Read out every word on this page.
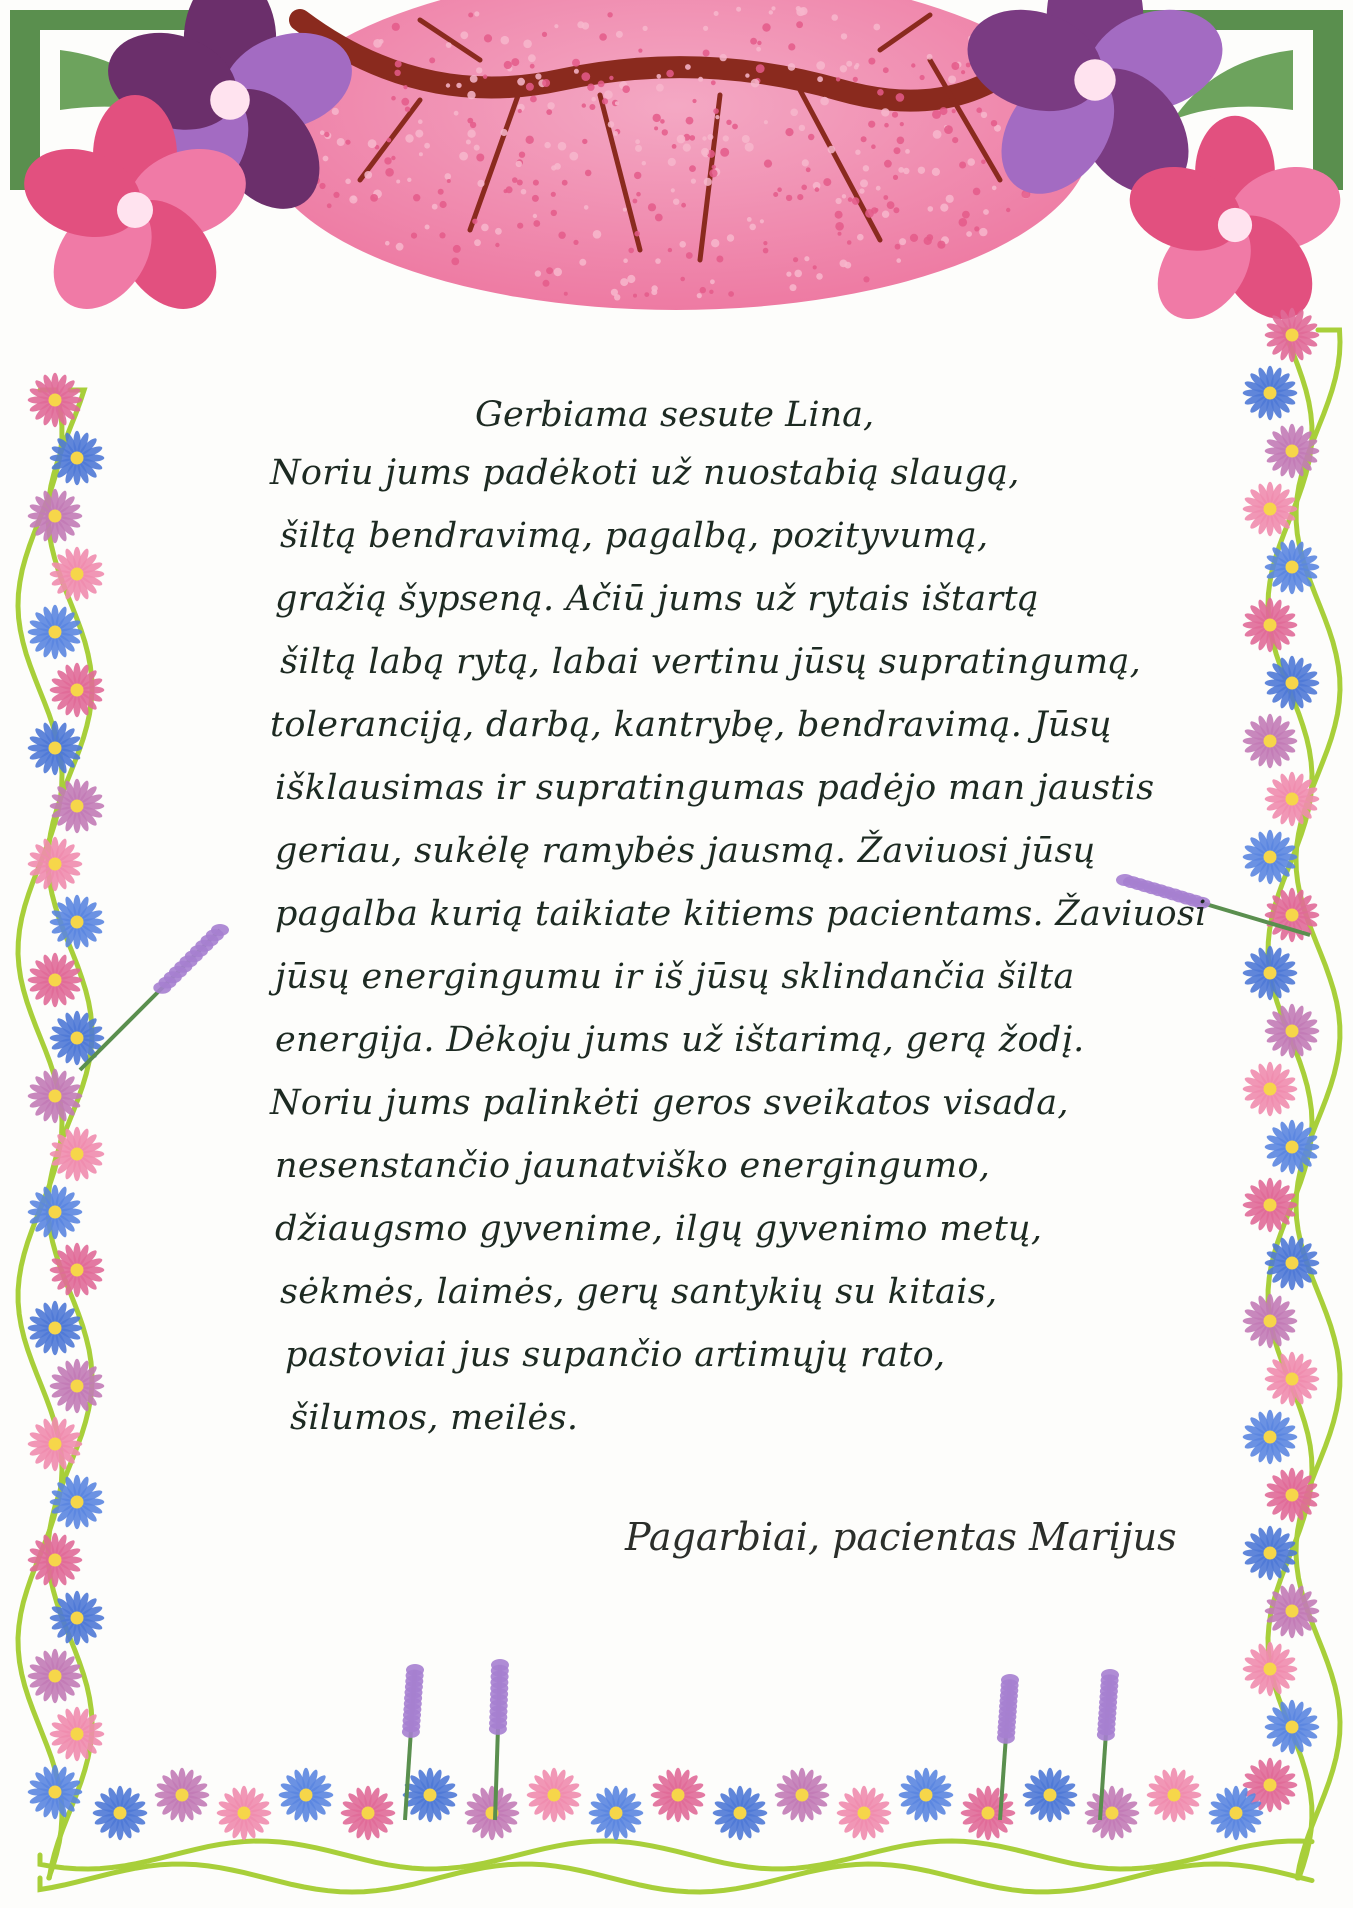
Gerbiama sesute Lina,
Noriu jums padėkoti už nuostabią slaugą,
šiltą bendravimą, pagalbą, pozityvumą,
gražią šypseną. Ačiū jums už rytais ištartą
šiltą labą rytą, labai vertinu jūsų supratingumą,
toleranciją, darbą, kantrybę, bendravimą. Jūsų
išklausimas ir supratingumas padėjo man jaustis
geriau, sukėlę ramybės jausmą. Žaviuosi jūsų
pagalba kurią taikiate kitiems pacientams. Žaviuosi
jūsų energingumu ir iš jūsų sklindančia šilta
energija. Dėkoju jums už ištarimą, gerą žodį.
Noriu jums palinkėti geros sveikatos visada,
nesenstančio jaunatviško energingumo,
džiaugsmo gyvenime, ilgų gyvenimo metų,
sėkmės, laimės, gerų santykių su kitais,
pastoviai jus supančio artimųjų rato,
šilumos, meilės.
Pagarbiai, pacientas Marijus
